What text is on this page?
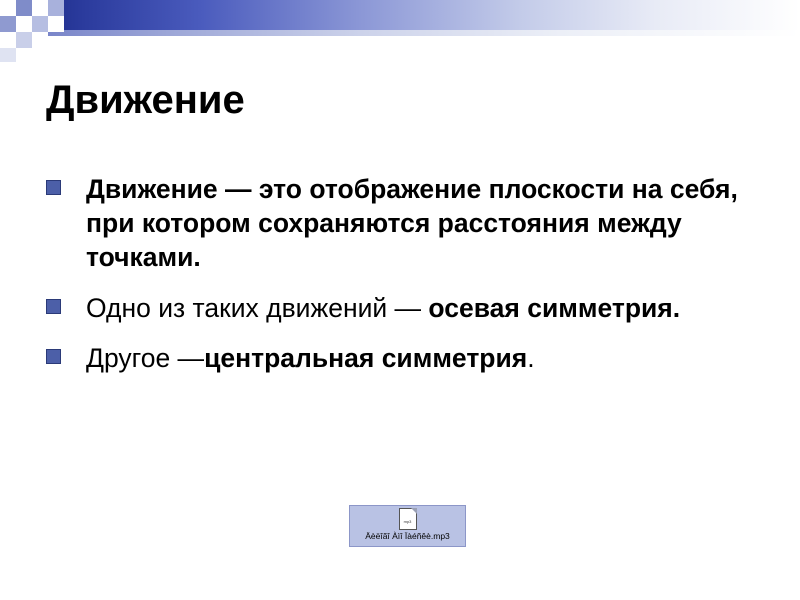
Движение
Движение — это отображение плоскости на себя, при котором сохраняются расстояния между точками.
Одно из таких движений — осевая симметрия.
Другое —центральная симметрия.
mp3
Äèëîãî Àìî Ïàéñêè.mp3
